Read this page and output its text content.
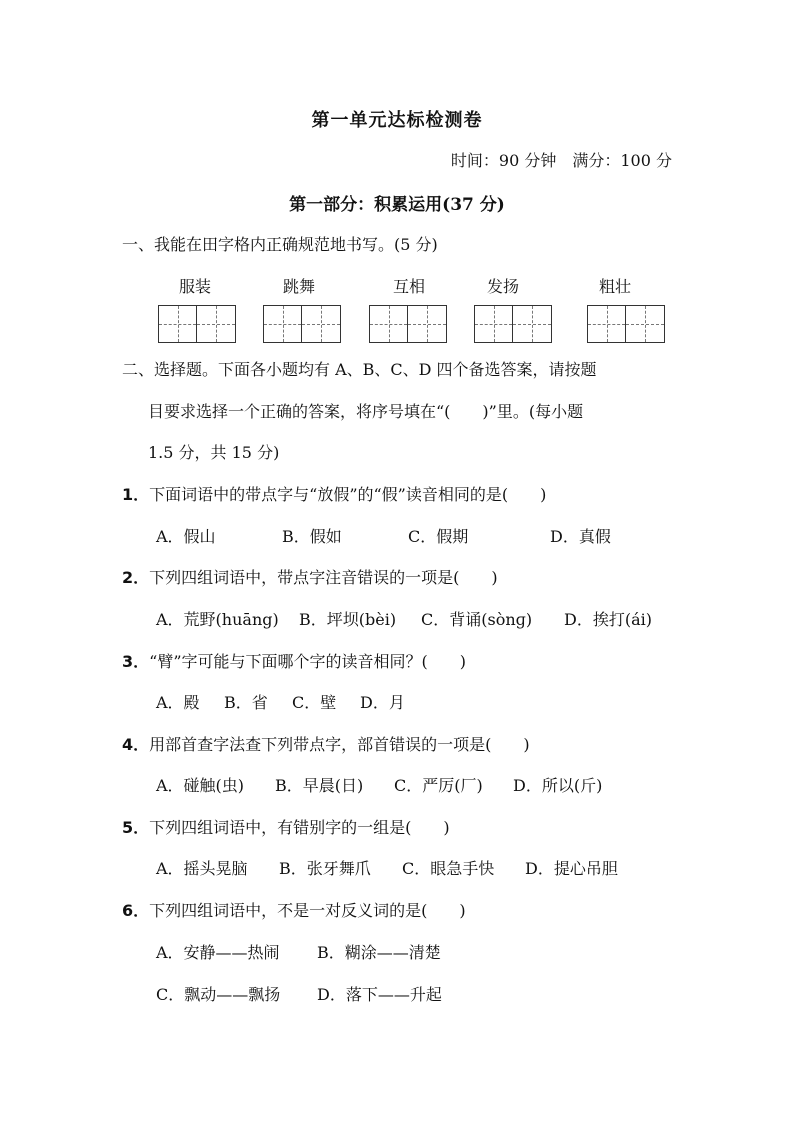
第一单元达标检测卷
时间：90 分钟　满分：100 分
第一部分：积累运用(37 分)
一、我能在田字格内正确规范地书写。(5 分)
服装	跳舞	互相	发扬	粗壮
二、选择题。下面各小题均有 A、B、C、D 四个备选答案，请按题
目要求选择一个正确的答案，将序号填在“(　　)”里。(每小题
1.5 分，共 15 分)
1．下面词语中的带点字与“放假”的“假”读音相同的是(　　)
A．假山	B．假如	C．假期	D．真假
2．下列四组词语中，带点字注音错误的一项是(　　)
A．荒野(huāng) B．坪坝(bèi) C．背诵(sònɡ) D．挨打(ái)
3．“臂”字可能与下面哪个字的读音相同？(　　)
A．殿 B．省 C．壁 D．月
4．用部首查字法查下列带点字，部首错误的一项是(　　)
A．碰触(虫) B．早晨(日) C．严厉(厂) D．所以(斤)
5．下列四组词语中，有错别字的一组是(　　)
A．摇头晃脑 B．张牙舞爪 C．眼急手快 D．提心吊胆
6．下列四组词语中，不是一对反义词的是(　　)
A．安静——热闹 B．糊涂——清楚
C．飘动——飘扬 D．落下——升起
